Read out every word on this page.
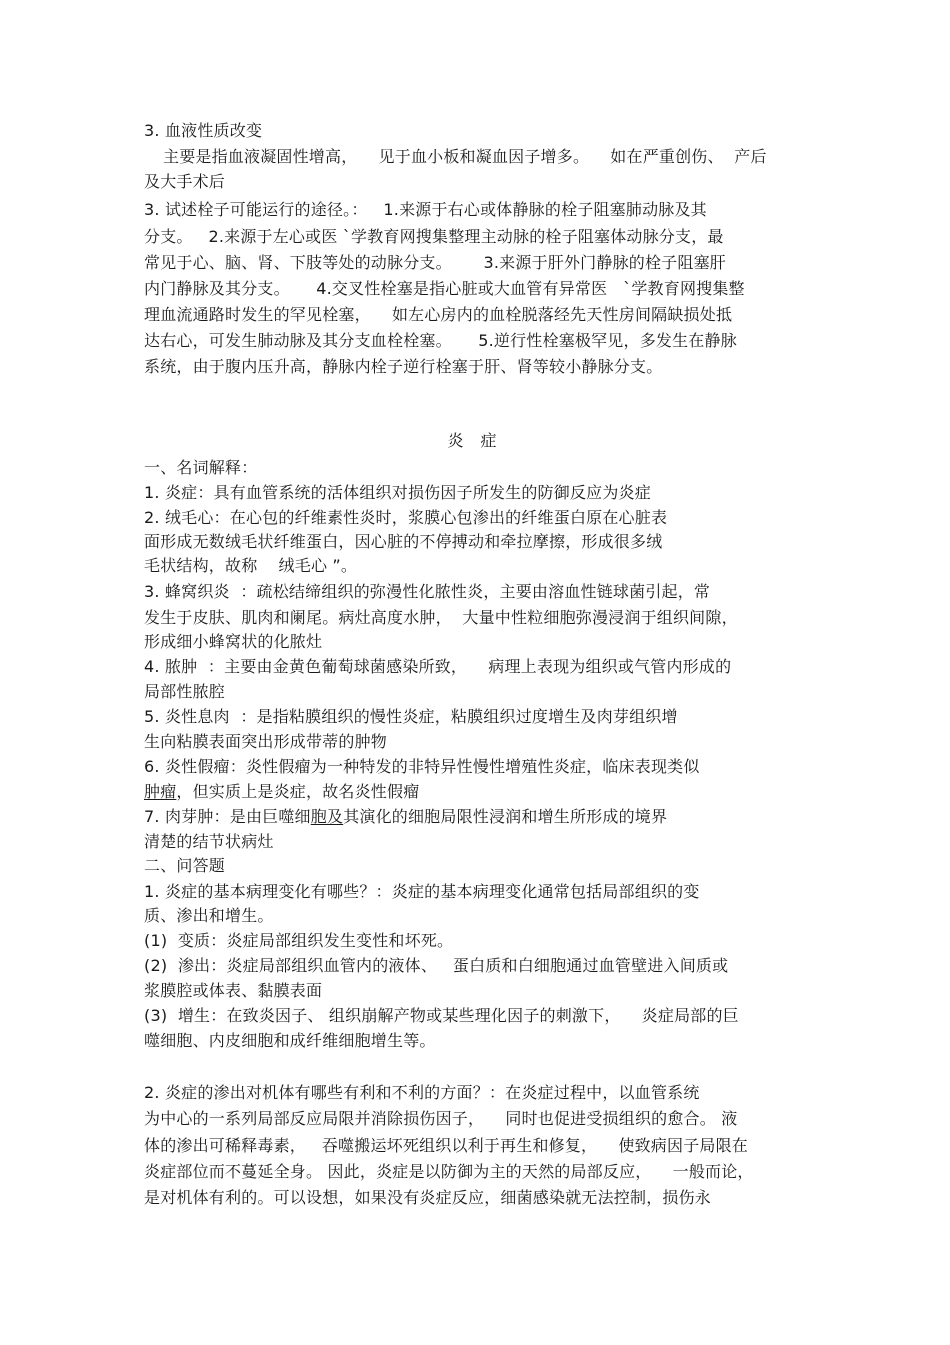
3. 血液性质改变
主要是指血液凝固性增高，    见于血小板和凝血因子增多。    如在严重创伤、  产后
及大手术后
3. 试述栓子可能运行的途径。：   1.来源于右心或体静脉的栓子阻塞肺动脉及其
分支。   2.来源于左心或医 `学教育网搜集整理主动脉的栓子阻塞体动脉分支，最
常见于心、脑、肾、下肢等处的动脉分支。      3.来源于肝外门静脉的栓子阻塞肝
内门静脉及其分支。     4.交叉性栓塞是指心脏或大血管有异常医   `学教育网搜集整
理血流通路时发生的罕见栓塞，    如左心房内的血栓脱落经先天性房间隔缺损处抵
达右心，可发生肺动脉及其分支血栓栓塞。     5.逆行性栓塞极罕见，多发生在静脉
系统，由于腹内压升高，静脉内栓子逆行栓塞于肝、肾等较小静脉分支。
炎 症
一、名词解释：
1. 炎症：具有血管系统的活体组织对损伤因子所发生的防御反应为炎症
2. 绒毛心：在心包的纤维素性炎时，浆膜心包渗出的纤维蛋白原在心脏表
面形成无数绒毛状纤维蛋白，因心脏的不停搏动和牵拉摩擦，形成很多绒
毛状结构，故称    绒毛心 ”。
3. 蜂窝织炎  ：疏松结缔组织的弥漫性化脓性炎，主要由溶血性链球菌引起，常
发生于皮肤、肌肉和阑尾。病灶高度水肿，  大量中性粒细胞弥漫浸润于组织间隙，
形成细小蜂窝状的化脓灶
4. 脓肿  ：主要由金黄色葡萄球菌感染所致，    病理上表现为组织或气管内形成的
局部性脓腔
5. 炎性息肉  ：是指粘膜组织的慢性炎症，粘膜组织过度增生及肉芽组织增
生向粘膜表面突出形成带蒂的肿物
6. 炎性假瘤：炎性假瘤为一种特发的非特异性慢性增殖性炎症，临床表现类似
肿瘤，但实质上是炎症，故名炎性假瘤
7. 肉芽肿：是由巨噬细胞及其演化的细胞局限性浸润和增生所形成的境界
清楚的结节状病灶
二、问答题
1. 炎症的基本病理变化有哪些？：炎症的基本病理变化通常包括局部组织的变
质、渗出和增生。
(1)  变质：炎症局部组织发生变性和坏死。
(2)  渗出：炎症局部组织血管内的液体、   蛋白质和白细胞通过血管壁进入间质或
浆膜腔或体表、黏膜表面
(3)  增生：在致炎因子、 组织崩解产物或某些理化因子的刺激下，    炎症局部的巨
噬细胞、内皮细胞和成纤维细胞增生等。
2. 炎症的渗出对机体有哪些有利和不利的方面？：在炎症过程中，以血管系统
为中心的一系列局部反应局限并消除损伤因子，    同时也促进受损组织的愈合。 液
体的渗出可稀释毒素，   吞噬搬运坏死组织以利于再生和修复，    使致病因子局限在
炎症部位而不蔓延全身。 因此，炎症是以防御为主的天然的局部反应，    一般而论，
是对机体有利的。可以设想，如果没有炎症反应，细菌感染就无法控制，损伤永
